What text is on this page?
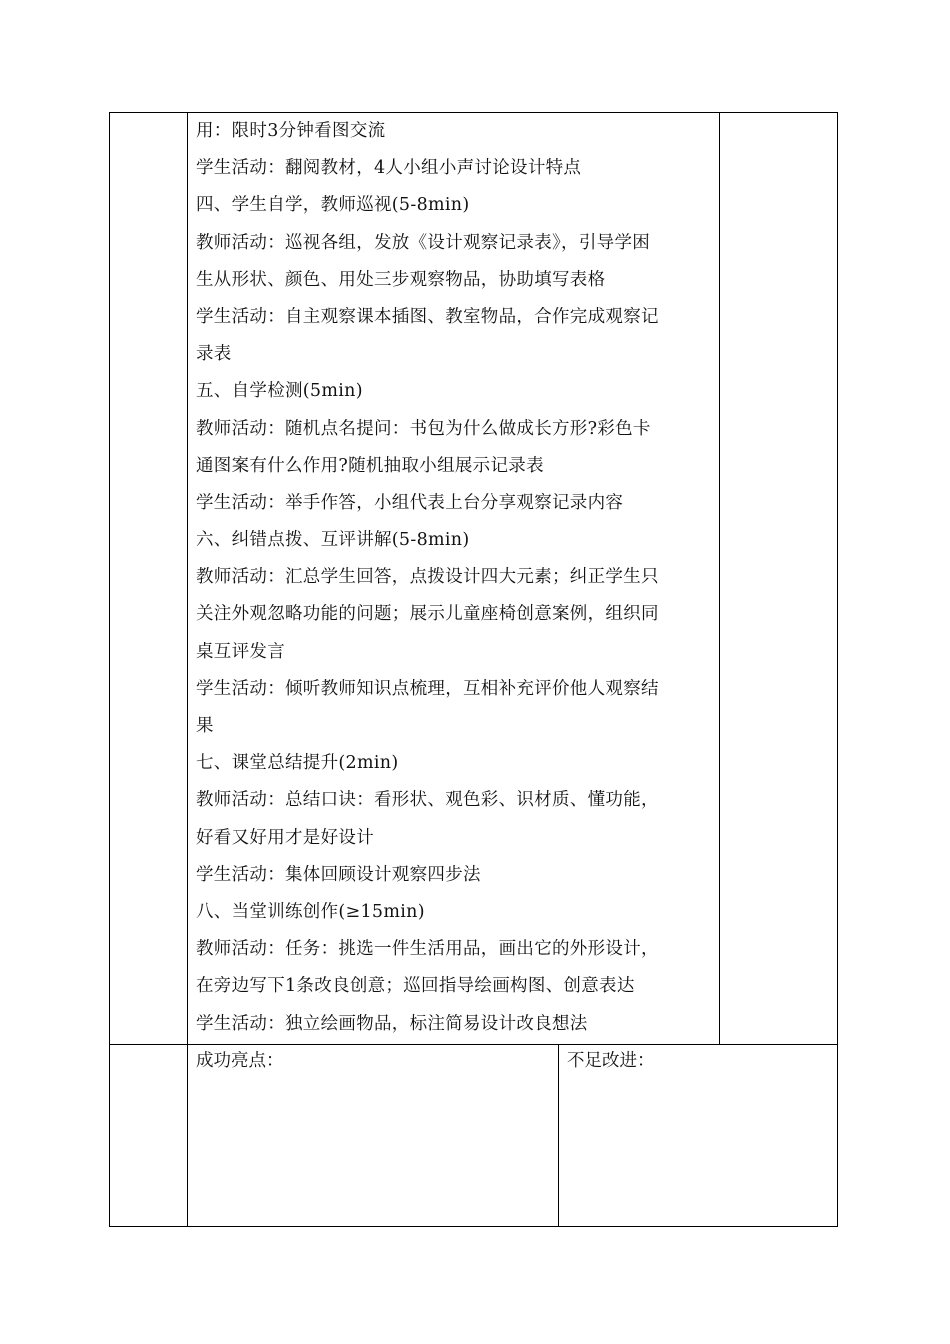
用：限时3分钟看图交流
学生活动：翻阅教材，4人小组小声讨论设计特点
四、学生自学，教师巡视(5-8min)
教师活动：巡视各组，发放《设计观察记录表》，引导学困
生从形状、颜色、用处三步观察物品，协助填写表格
学生活动：自主观察课本插图、教室物品，合作完成观察记
录表
五、自学检测(5min)
教师活动：随机点名提问：书包为什么做成长方形?彩色卡
通图案有什么作用?随机抽取小组展示记录表
学生活动：举手作答，小组代表上台分享观察记录内容
六、纠错点拨、互评讲解(5-8min)
教师活动：汇总学生回答，点拨设计四大元素；纠正学生只
关注外观忽略功能的问题；展示儿童座椅创意案例，组织同
桌互评发言
学生活动：倾听教师知识点梳理，互相补充评价他人观察结
果
七、课堂总结提升(2min)
教师活动：总结口诀：看形状、观色彩、识材质、懂功能，
好看又好用才是好设计
学生活动：集体回顾设计观察四步法
八、当堂训练创作(≥15min)
教师活动：任务：挑选一件生活用品，画出它的外形设计，
在旁边写下1条改良创意；巡回指导绘画构图、创意表达
学生活动：独立绘画物品，标注简易设计改良想法
成功亮点：	不足改进：
